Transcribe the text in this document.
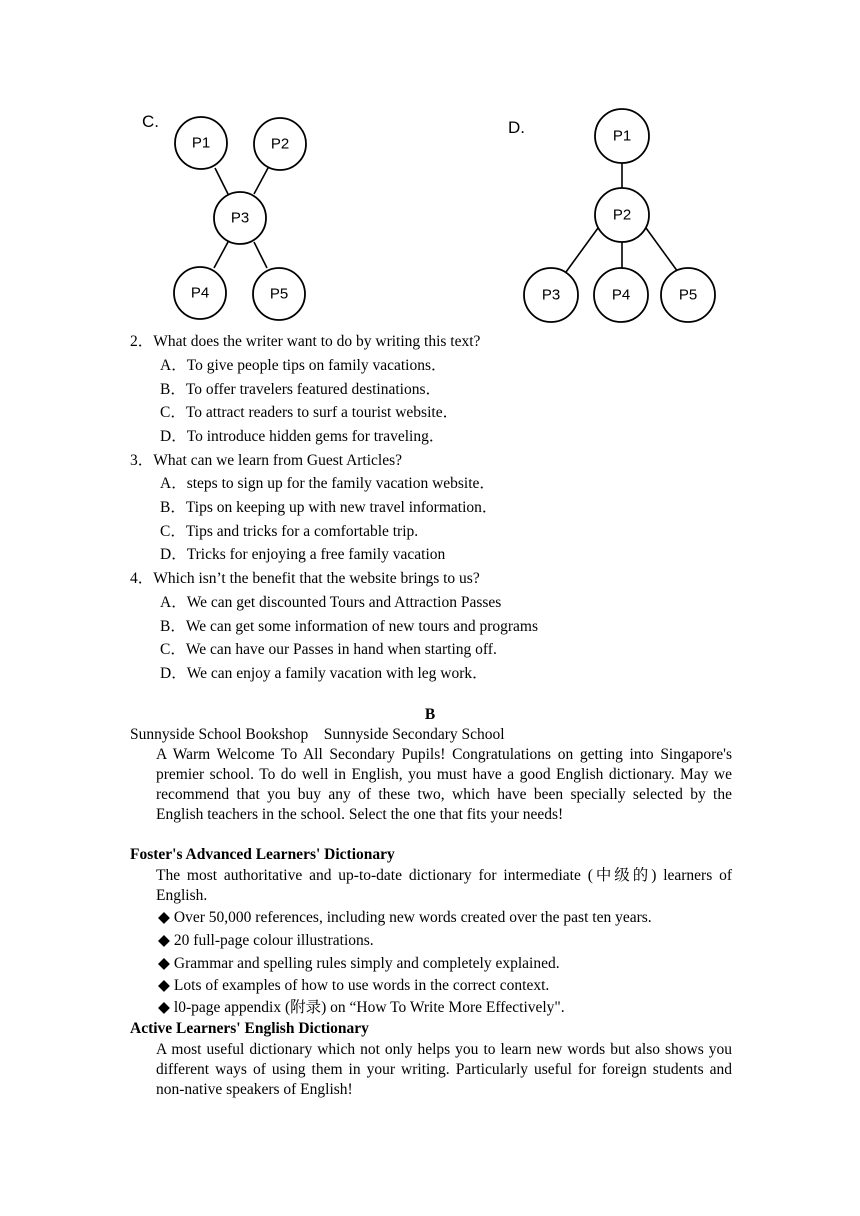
C.
P1	P2
P3
P4	P5
D.	P1
P2
P3	P4	P5
2．What does the writer want to do by writing this text?
A．To give people tips on family vacations．
B．To offer travelers featured destinations．
C．To attract readers to surf a tourist website．
D．To introduce hidden gems for traveling．
3．What can we learn from Guest Articles?
A．steps to sign up for the family vacation website．
B．Tips on keeping up with new travel information．
C．Tips and tricks for a comfortable trip.
D．Tricks for enjoying a free family vacation
4．Which isn’t the benefit that the website brings to us?
A．We can get discounted Tours and Attraction Passes
B．We can get some information of new tours and programs
C．We can have our Passes in hand when starting off.
D．We can enjoy a family vacation with leg work．
B
Sunnyside School Bookshop    Sunnyside Secondary School
A Warm Welcome To All Secondary Pupils! Congratulations on getting into Singapore's premier school. To do well in English, you must have a good English dictionary. May we recommend that you buy any of these two, which have been specially selected by the English teachers in the school. Select the one that fits your needs!
Foster's Advanced Learners' Dictionary
The most authoritative and up-to-date dictionary for intermediate (中级的) learners of English.
◆ Over 50,000 references, including new words created over the past ten years.
◆ 20 full-page colour illustrations.
◆ Grammar and spelling rules simply and completely explained.
◆ Lots of examples of how to use words in the correct context.
◆ l0-page appendix (附录) on “How To Write More Effectively".
Active Learners' English Dictionary
A most useful dictionary which not only helps you to learn new words but also shows you different ways of using them in your writing. Particularly useful for foreign students and non-native speakers of English!
